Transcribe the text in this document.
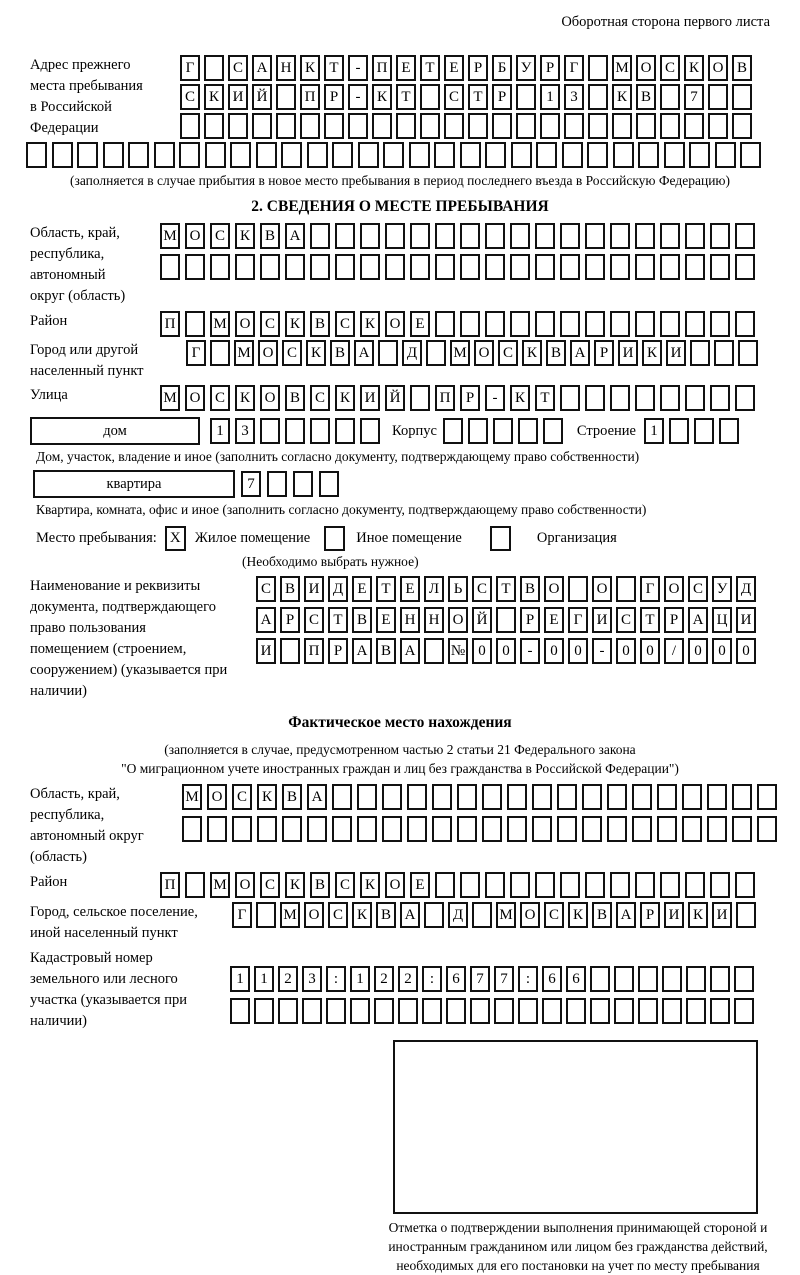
Оборотная сторона первого листа
Адрес прежнего места пребывания в Российской Федерации
Г	С А Н К Т	-	П Е Т Е	Р	Б У Р	Г	М О С К О В
С К И Й	П Р	-	К Т	С Т	Р	1	3	К В	7
(заполняется в случае прибытия в новое место пребывания в период последнего въезда в Российскую Федерацию)
2. СВЕДЕНИЯ О МЕСТЕ ПРЕБЫВАНИЯ
Область, край, республика, автономный округ (область)
М О С К В А
Район	П	М О С К В С К О Е
Город или другой населенный пункт
Г	М О С К В А	Д	М О С К В А Р И К И
Улица	М О С К О В С К И Й	П	Р	-	К	Т
дом	1	3	Корпус	Строение 1
Дом, участок, владение и иное (заполнить согласно документу, подтверждающему право собственности)
квартира	7
Квартира, комната, офис и иное (заполнить согласно документу, подтверждающему право собственности)
Место пребывания: X Жилое помещение	Иное помещение	Организация
(Необходимо выбрать нужное)
Наименование и реквизиты документа, подтверждающего право пользования помещением (строением, сооружением) (указывается при наличии)
С В И Д Е Т Е Л Ь С Т В О	О	Г О С У Д
А Р С Т В Е Н Н О Й	Р	Е	Г И С Т	Р А Ц И
И	П Р А В А	№ 0	0	-	0	0	-	0	0	/	0	0	0
Фактическое место нахождения
(заполняется в случае, предусмотренном частью 2 статьи 21 Федерального закона
"О миграционном учете иностранных граждан и лиц без гражданства в Российской Федерации")
Область, край, республика, автономный округ (область)
М О С К В А
Район	П	М О С К В С К О Е
Город, сельское поселение, иной населенный пункт
Г	М О С К В А	Д	М О С К В А Р И К И
Кадастровый номер земельного или лесного участка (указывается при наличии)
1	1	2	3	:	1	2	2	:	6	7	7	:	6	6
Отметка о подтверждении выполнения принимающей стороной и иностранным гражданином или лицом без гражданства действий, необходимых для его постановки на учет по месту пребывания
